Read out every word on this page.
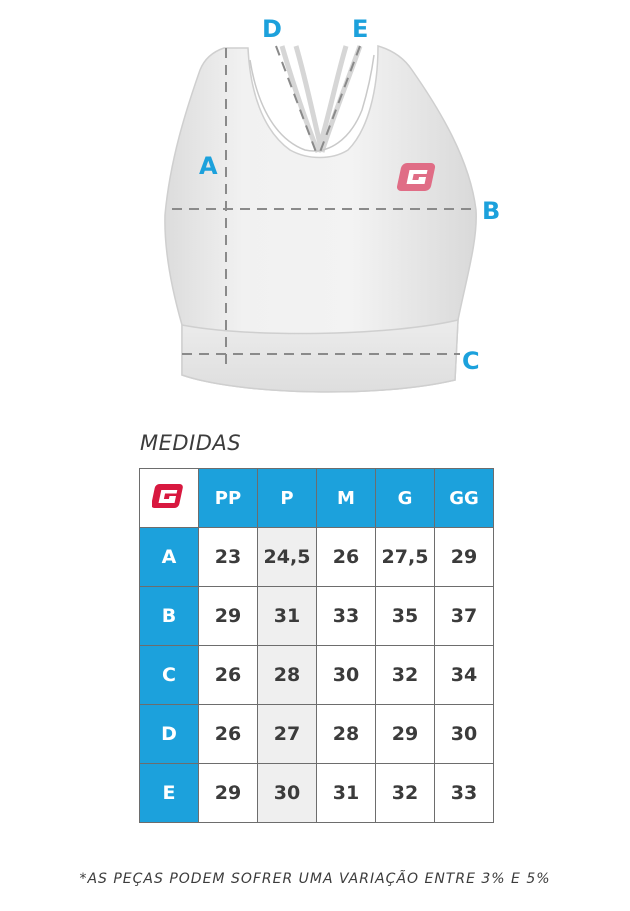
A
B
C
D	E
MEDIDAS
	PP	P	M	G	GG
A	23	24,5	26	27,5	29
B	29	31	33	35	37
C	26	28	30	32	34
D	26	27	28	29	30
E	29	30	31	32	33

*AS PEÇAS PODEM SOFRER UMA VARIAÇÃO ENTRE 3% E 5%
